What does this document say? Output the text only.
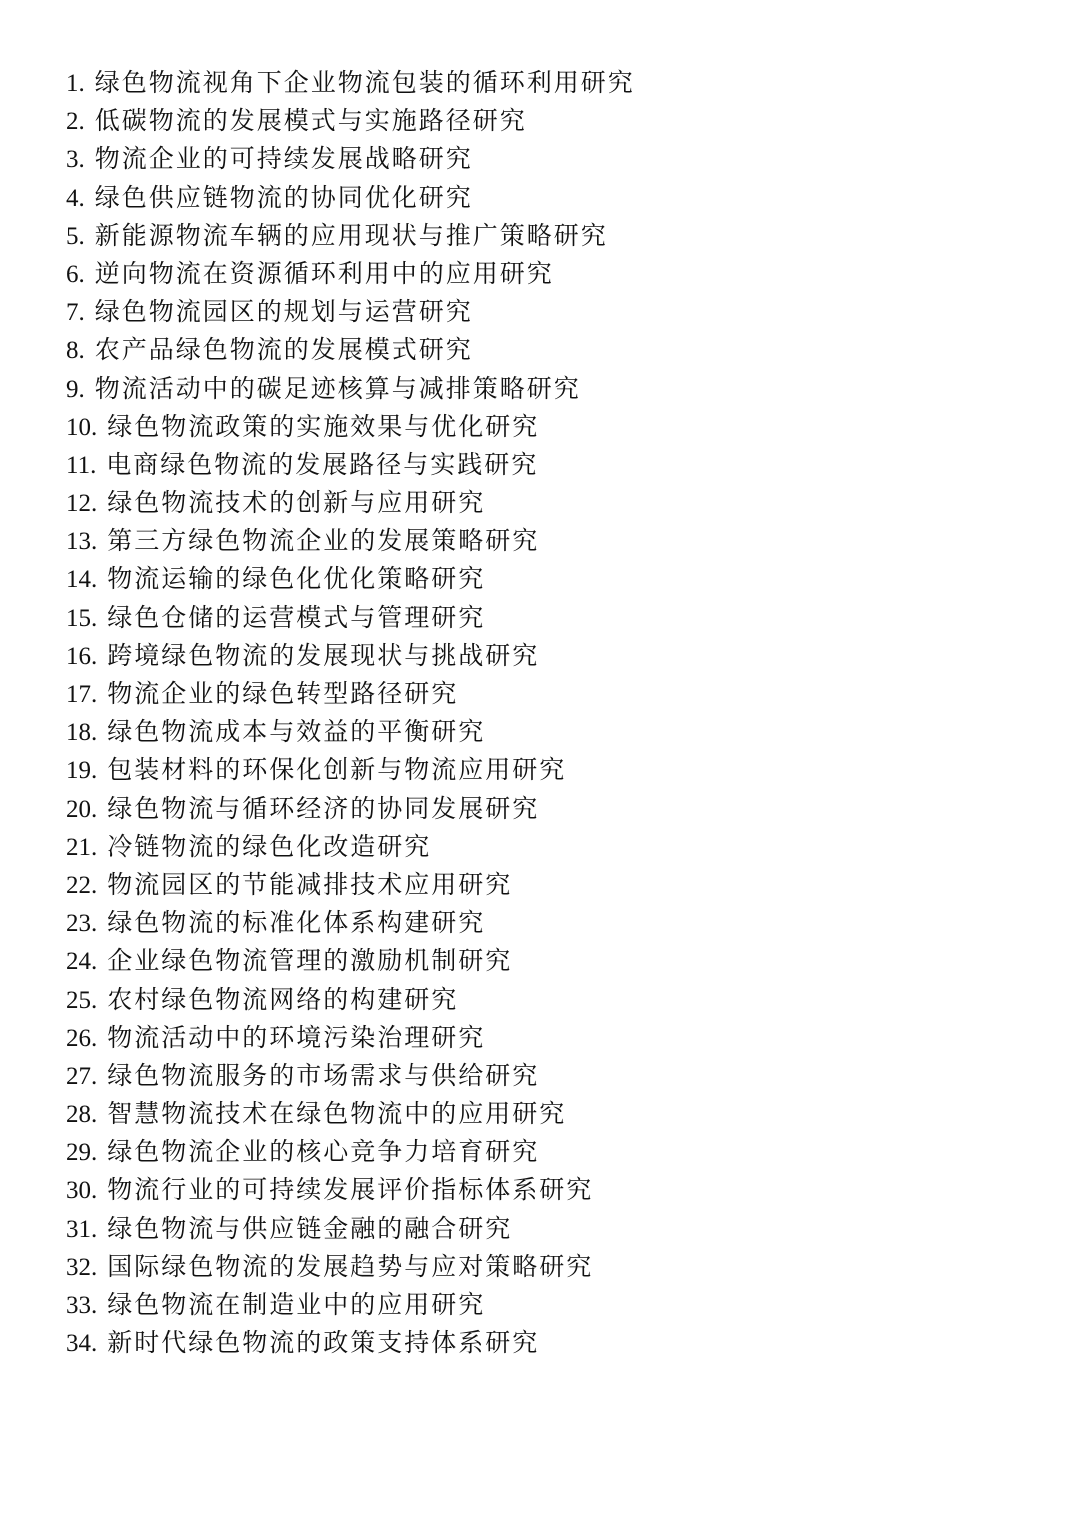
1. 绿色物流视角下企业物流包装的循环利用研究
2. 低碳物流的发展模式与实施路径研究
3. 物流企业的可持续发展战略研究
4. 绿色供应链物流的协同优化研究
5. 新能源物流车辆的应用现状与推广策略研究
6. 逆向物流在资源循环利用中的应用研究
7. 绿色物流园区的规划与运营研究
8. 农产品绿色物流的发展模式研究
9. 物流活动中的碳足迹核算与减排策略研究
10. 绿色物流政策的实施效果与优化研究
11. 电商绿色物流的发展路径与实践研究
12. 绿色物流技术的创新与应用研究
13. 第三方绿色物流企业的发展策略研究
14. 物流运输的绿色化优化策略研究
15. 绿色仓储的运营模式与管理研究
16. 跨境绿色物流的发展现状与挑战研究
17. 物流企业的绿色转型路径研究
18. 绿色物流成本与效益的平衡研究
19. 包装材料的环保化创新与物流应用研究
20. 绿色物流与循环经济的协同发展研究
21. 冷链物流的绿色化改造研究
22. 物流园区的节能减排技术应用研究
23. 绿色物流的标准化体系构建研究
24. 企业绿色物流管理的激励机制研究
25. 农村绿色物流网络的构建研究
26. 物流活动中的环境污染治理研究
27. 绿色物流服务的市场需求与供给研究
28. 智慧物流技术在绿色物流中的应用研究
29. 绿色物流企业的核心竞争力培育研究
30. 物流行业的可持续发展评价指标体系研究
31. 绿色物流与供应链金融的融合研究
32. 国际绿色物流的发展趋势与应对策略研究
33. 绿色物流在制造业中的应用研究
34. 新时代绿色物流的政策支持体系研究
